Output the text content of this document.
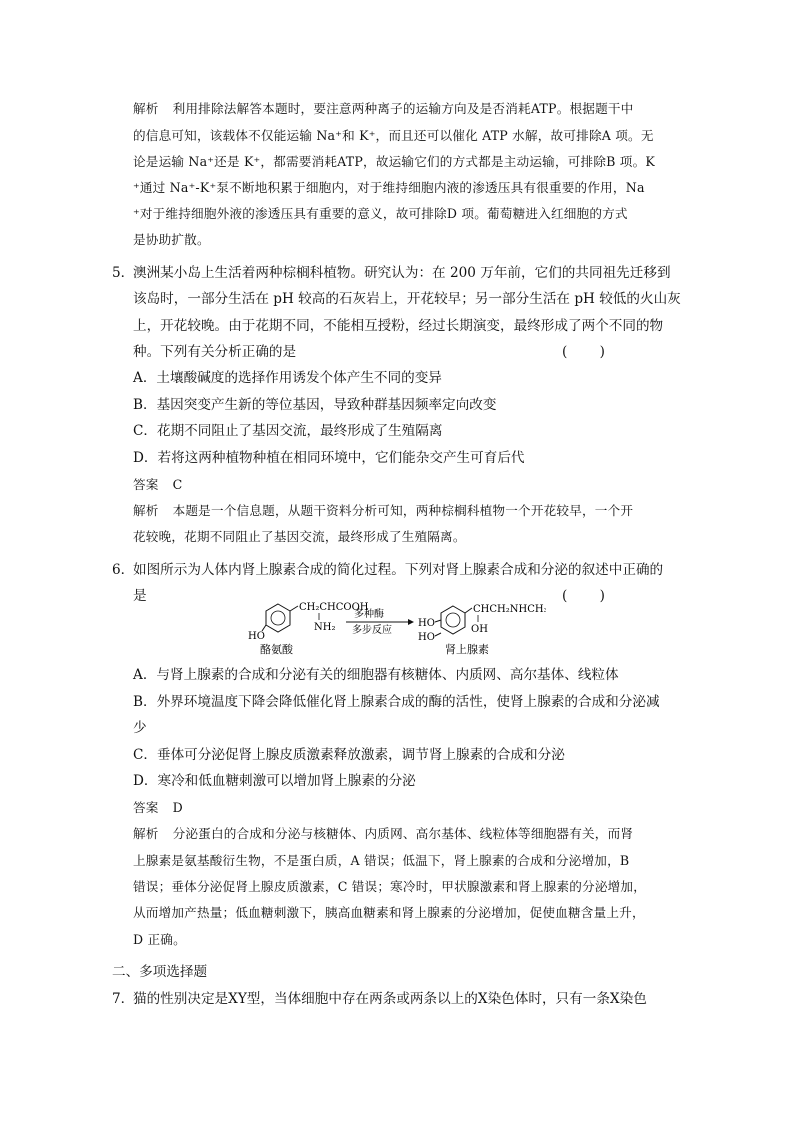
解析 利用排除法解答本题时，要注意两种离子的运输方向及是否消耗ATP。根据题干中
的信息可知，该载体不仅能运输 Na⁺和 K⁺，而且还可以催化 ATP 水解，故可排除A 项。无
论是运输 Na⁺还是 K⁺，都需要消耗ATP，故运输它们的方式都是主动运输，可排除B 项。K
⁺通过 Na⁺-K⁺泵不断地积累于细胞内，对于维持细胞内液的渗透压具有很重要的作用，Na
⁺对于维持细胞外液的渗透压具有重要的意义，故可排除D 项。葡萄糖进入红细胞的方式
是协助扩散。
5．
澳洲某小岛上生活着两种棕榈科植物。研究认为：在 200 万年前，它们的共同祖先迁移到
该岛时，一部分生活在 pH 较高的石灰岩上，开花较早；另一部分生活在 pH 较低的火山灰
上，开花较晚。由于花期不同，不能相互授粉，经过长期演变，最终形成了两个不同的物
种。下列有关分析正确的是	( )
A．土壤酸碱度的选择作用诱发个体产生不同的变异
B．基因突变产生新的等位基因，导致种群基因频率定向改变
C．花期不同阻止了基因交流，最终形成了生殖隔离
D．若将这两种植物种植在相同环境中，它们能杂交产生可育后代
答案 C
解析 本题是一个信息题，从题干资料分析可知，两种棕榈科植物一个开花较早，一个开
花较晚，花期不同阻止了基因交流，最终形成了生殖隔离。
6．
如图所示为人体内肾上腺素合成的简化过程。下列对肾上腺素合成和分泌的叙述中正确的
是	( )
CH₂CHCOOH
NH₂
HO
酪氨酸
多种酶
多步反应
HO
HO
CHCH₂NHCH₃
OH
肾上腺素
A．与肾上腺素的合成和分泌有关的细胞器有核糖体、内质网、高尔基体、线粒体
B．外界环境温度下降会降低催化肾上腺素合成的酶的活性，使肾上腺素的合成和分泌减
少
C．垂体可分泌促肾上腺皮质激素释放激素，调节肾上腺素的合成和分泌
D．寒冷和低血糖刺激可以增加肾上腺素的分泌
答案 D
解析 分泌蛋白的合成和分泌与核糖体、内质网、高尔基体、线粒体等细胞器有关，而肾
上腺素是氨基酸衍生物，不是蛋白质，A 错误；低温下，肾上腺素的合成和分泌增加，B
错误；垂体分泌促肾上腺皮质激素，C 错误；寒冷时，甲状腺激素和肾上腺素的分泌增加，
从而增加产热量；低血糖刺激下，胰高血糖素和肾上腺素的分泌增加，促使血糖含量上升，
D 正确。
二、多项选择题
7．
猫的性别决定是XY型，当体细胞中存在两条或两条以上的X染色体时，只有一条X染色
